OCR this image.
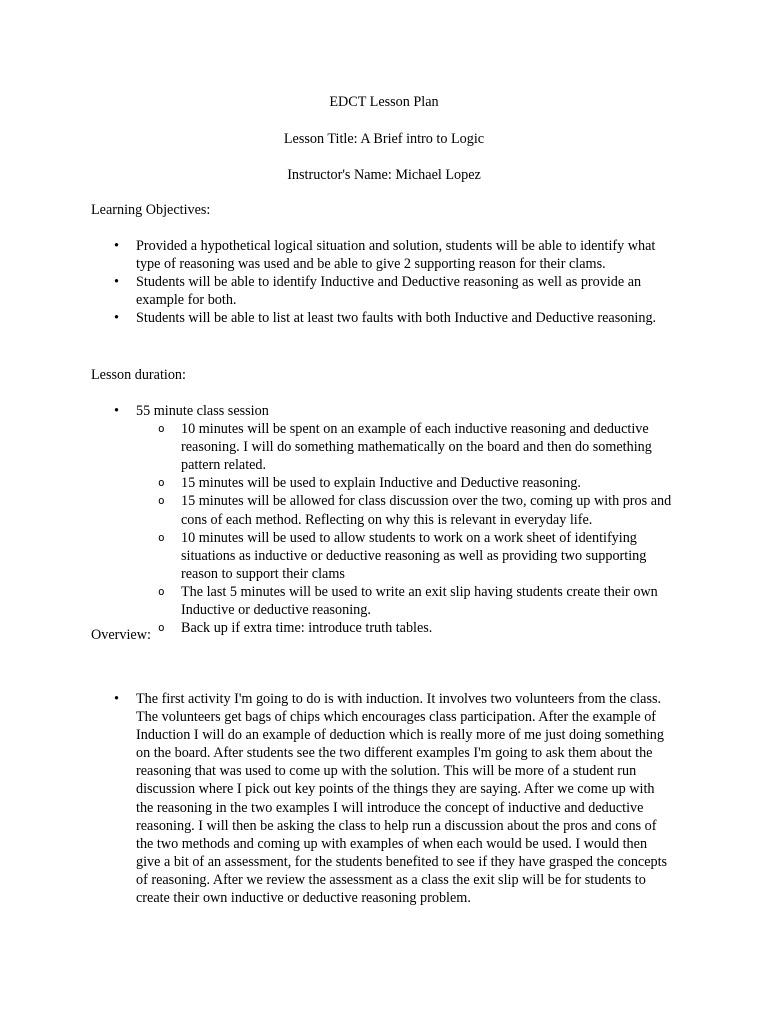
EDCT Lesson Plan
Lesson Title: A Brief intro to Logic
Instructor's Name: Michael Lopez
Learning Objectives:
• Provided a hypothetical logical situation and solution, students will be able to identify what type of reasoning was used and be able to give 2 supporting reason for their clams.
• Students will be able to identify Inductive and Deductive reasoning as well as provide an example for both.
• Students will be able to list at least two faults with both Inductive and Deductive reasoning.
Lesson duration:
• 55 minute class session
o 10 minutes will be spent on an example of each inductive reasoning and deductive reasoning. I will do something mathematically on the board and then do something pattern related.
o 15 minutes will be used to explain Inductive and Deductive reasoning.
o 15 minutes will be allowed for class discussion over the two, coming up with pros and cons of each method. Reflecting on why this is relevant in everyday life.
o 10 minutes will be used to allow students to work on a work sheet of identifying situations as inductive or deductive reasoning as well as providing two supporting reason to support their clams
o The last 5 minutes will be used to write an exit slip having students create their own Inductive or deductive reasoning.
o Back up if extra time: introduce truth tables.
Overview:
• The first activity I'm going to do is with induction. It involves two volunteers from the class. The volunteers get bags of chips which encourages class participation. After the example of Induction I will do an example of deduction which is really more of me just doing something on the board. After students see the two different examples I'm going to ask them about the reasoning that was used to come up with the solution. This will be more of a student run discussion where I pick out key points of the things they are saying. After we come up with the reasoning in the two examples I will introduce the concept of inductive and deductive reasoning. I will then be asking the class to help run a discussion about the pros and cons of the two methods and coming up with examples of when each would be used. I would then give a bit of an assessment, for the students benefited to see if they have grasped the concepts of reasoning. After we review the assessment as a class the exit slip will be for students to create their own inductive or deductive reasoning problem.
